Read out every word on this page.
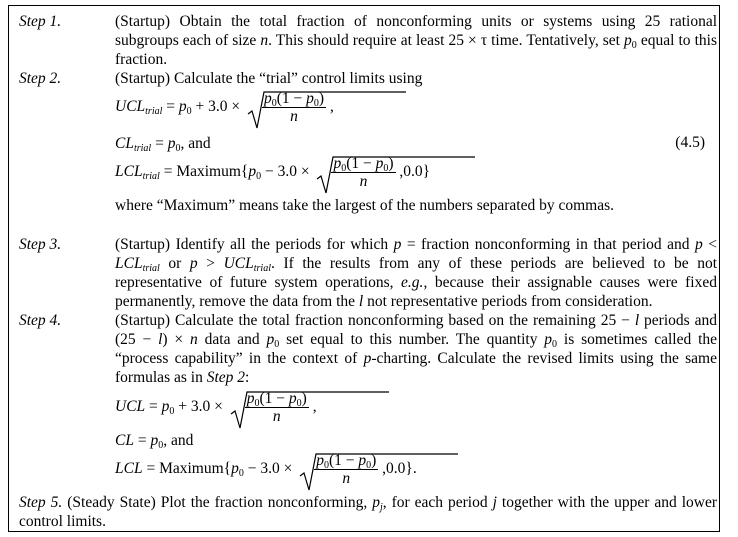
Step 1.	(Startup) Obtain the total fraction of nonconforming units or systems using 25 rational subgroups each of size n. This should require at least 25 × τ time. Tentatively, set $p_0$ equal to this fraction.
Step 2.	(Startup) Calculate the “trial” control limits using
$UCL_{trial} = p_0 + 3.0 \times \frac{p_0(1 - p_0)}{n}$ ,
$CL_{trial} = p_0$, and	(4.5)
$LCL_{trial}$ = $Maximum\{p_0 - 3.0 \times \frac{p_0(1 - p_0)}{n} ,0.0\}$
where “Maximum” means take the largest of the numbers separated by commas.
Step 3.	(Startup) Identify all the periods for which p = fraction nonconforming in that period and $p < LCL_{trial}$ or $p > UCL_{trial}$. If the results from any of these periods are believed to be not representative of future system operations, e.g., because their assignable causes were fixed permanently, remove the data from the l not representative periods from consideration.
Step 4.	(Startup) Calculate the total fraction nonconforming based on the remaining 25 − l periods and (25 − l) × n data and $p_0$ set equal to this number. The quantity $p_0$ is sometimes called the “process capability” in the context of p-charting. Calculate the revised limits using the same formulas as in Step 2:
UCL = $p_0 + 3.0 \times \frac{p_0(1 - p_0)}{n}$ ,
CL = $p_0$, and
LCL = $Maximum\{p_0 - 3.0 \times \frac{p_0(1 - p_0)}{n} ,0.0\}$.
Step 5. (Steady State) Plot the fraction nonconforming, $p_j$, for each period j together with the upper and lower control limits.
